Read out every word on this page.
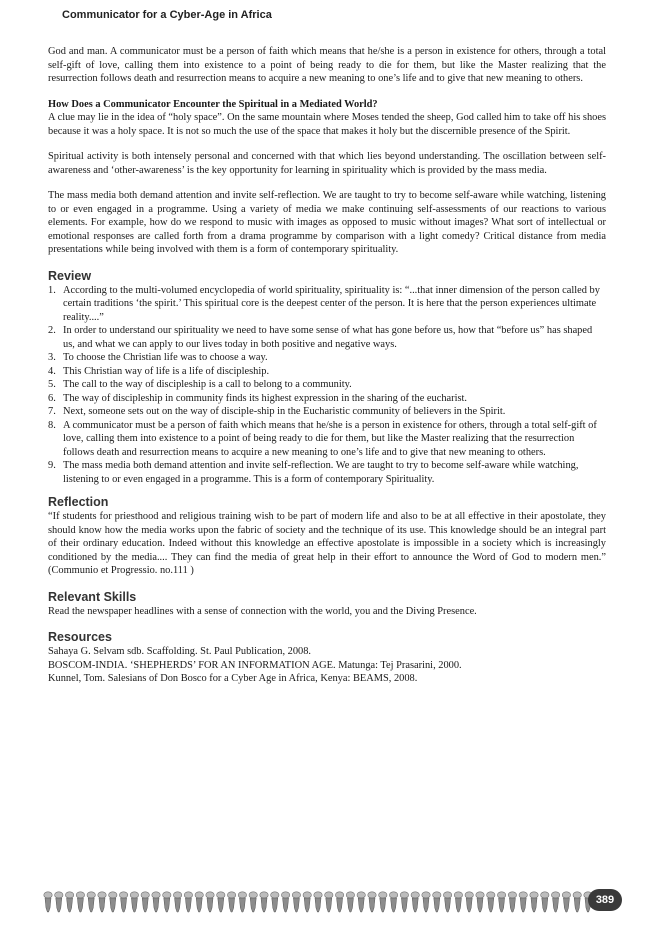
Communicator for a Cyber-Age in Africa

God and man. A communicator must be a person of faith which means that he/she is a person in existence for others, through a total self-gift of love, calling them into existence to a point of being ready to die for them, but like the Master realizing that the resurrection follows death and resurrection means to acquire a new meaning to one’s life and to give that new meaning to others.

How Does a Communicator Encounter the Spiritual in a Mediated World?

A clue may lie in the idea of “holy space”. On the same mountain where Moses tended the sheep, God called him to take off his shoes because it was a holy space. It is not so much the use of the space that makes it holy but the discernible presence of the Spirit.

Spiritual activity is both intensely personal and concerned with that which lies beyond understanding. The oscillation between self-awareness and ‘other-awareness’ is the key opportunity for learning in spirituality which is provided by the mass media.

The mass media both demand attention and invite self-reflection. We are taught to try to become self-aware while watching, listening to or even engaged in a programme. Using a variety of media we make continuing self-assessments of our reactions to various elements. For example, how do we respond to music with images as opposed to music without images? What sort of intellectual or emotional responses are called forth from a drama programme by comparison with a light comedy? Critical distance from media presentations while being involved with them is a form of contemporary spirituality.

Review
1. According to the multi-volumed encyclopedia of world spirituality, spirituality is: “...that inner dimension of the person called by certain traditions ‘the spirit.’ This spiritual core is the deepest center of the person. It is here that the person experiences ultimate reality....”
2. In order to understand our spirituality we need to have some sense of what has gone before us, how that “before us” has shaped us, and what we can apply to our lives today in both positive and negative ways.
3. To choose the Christian life was to choose a way.
4. This Christian way of life is a life of discipleship.
5. The call to the way of discipleship is a call to belong to a community.
6. The way of discipleship in community finds its highest expression in the sharing of the eucharist.
7. Next, someone sets out on the way of disciple-ship in the Eucharistic community of believers in the Spirit.
8. A communicator must be a person of faith which means that he/she is a person in existence for others, through a total self-gift of love, calling them into existence to a point of being ready to die for them, but like the Master realizing that the resurrection follows death and resurrection means to acquire a new meaning to one’s life and to give that new meaning to others.
9. The mass media both demand attention and invite self-reflection. We are taught to try to become self-aware while watching, listening to or even engaged in a programme. This is a form of contemporary Spirituality.
Reflection

“If students for priesthood and religious training wish to be part of modern life and also to be at all effective in their apostolate, they should know how the media works upon the fabric of society and the technique of its use. This knowledge should be an integral part of their ordinary education. Indeed without this knowledge an effective apostolate is impossible in a society which is increasingly conditioned by the media.... They can find the media of great help in their effort to announce the Word of God to modern men.” (Communio et Progressio. no.111 )

Relevant Skills

Read the newspaper headlines with a sense of connection with the world, you and the Diving Presence.

Resources
Sahaya G. Selvam sdb. Scaffolding. St. Paul Publication, 2008.
BOSCOM-INDIA. ‘SHEPHERDS’ FOR AN INFORMATION AGE. Matunga: Tej Prasarini, 2000.
Kunnel, Tom. Salesians of Don Bosco for a Cyber Age in Africa, Kenya: BEAMS, 2008.
389
